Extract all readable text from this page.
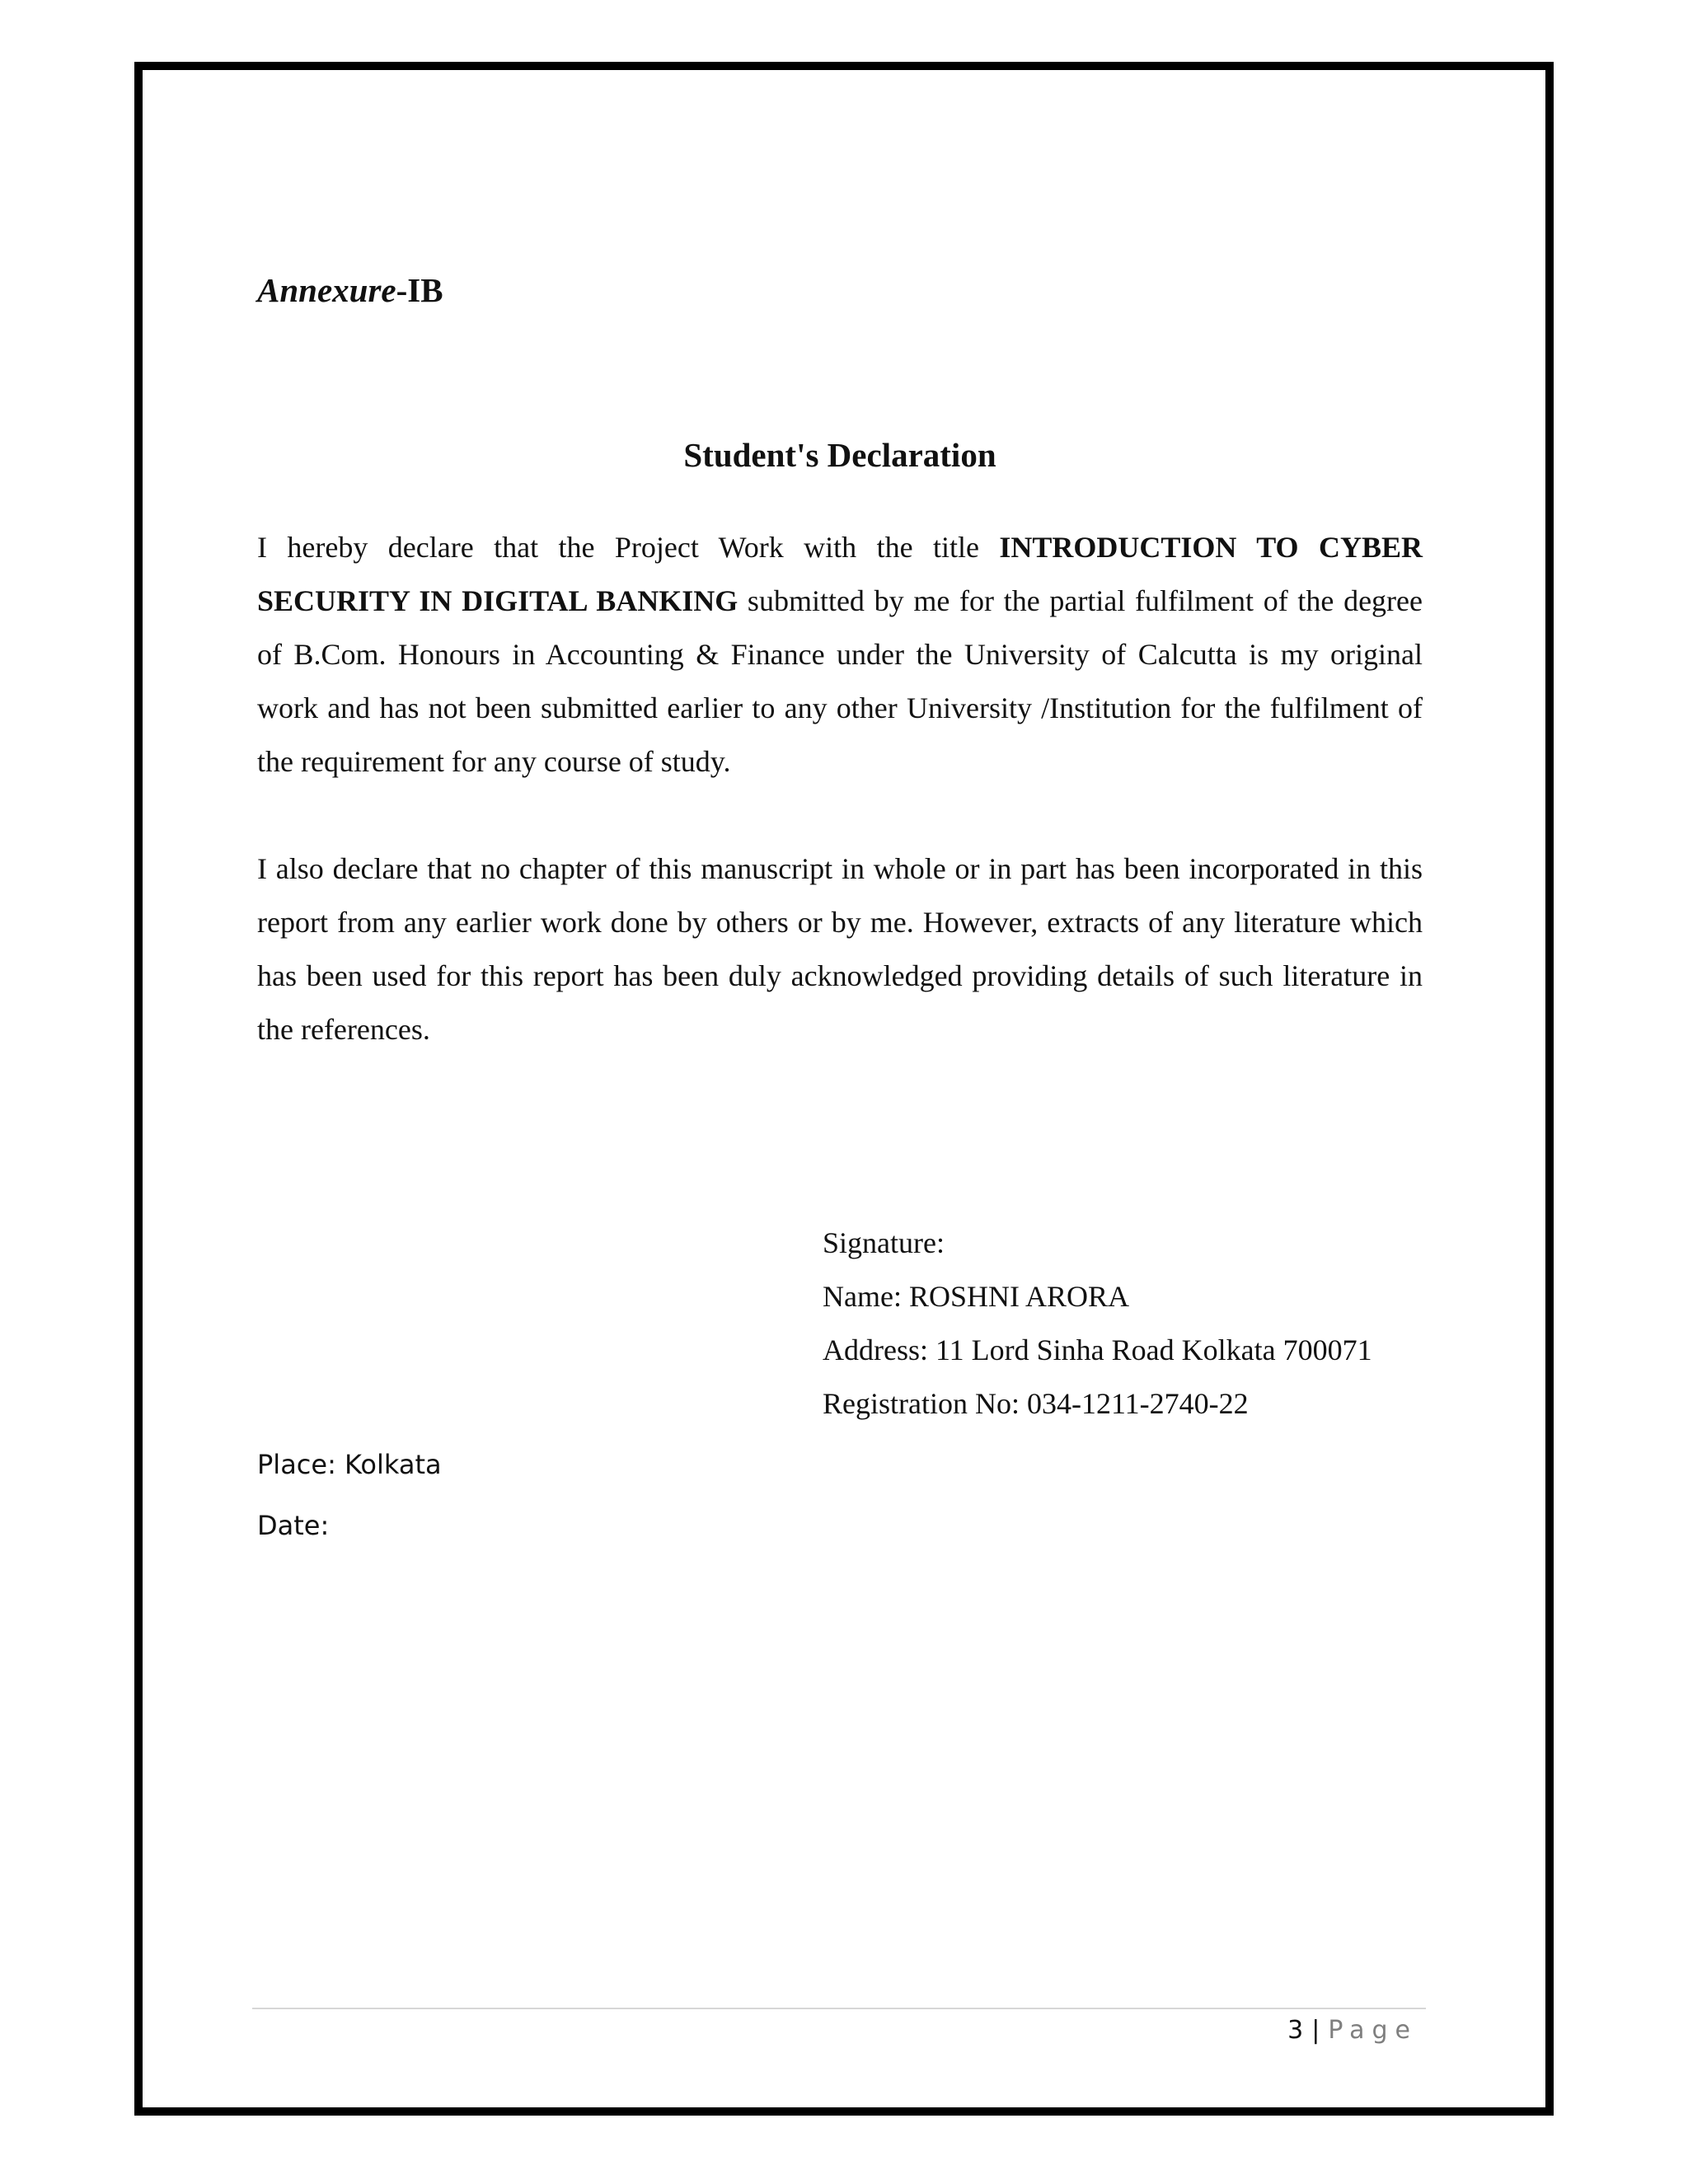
Annexure-IB
Student's Declaration

I hereby declare that the Project Work with the title INTRODUCTION TO CYBER SECURITY IN DIGITAL BANKING submitted by me for the partial fulfilment of the degree of B.Com. Honours in Accounting & Finance under the University of Calcutta is my original work and has not been submitted earlier to any other University /Institution for the fulfilment of the requirement for any course of study.

I also declare that no chapter of this manuscript in whole or in part has been incorporated in this report from any earlier work done by others or by me. However, extracts of any literature which has been used for this report has been duly acknowledged providing details of such literature in the references.

Signature:
Name: ROSHNI ARORA
Address: 11 Lord Sinha Road Kolkata 700071
Registration No: 034-1211-2740-22
Place: Kolkata
Date:
3 | Page
